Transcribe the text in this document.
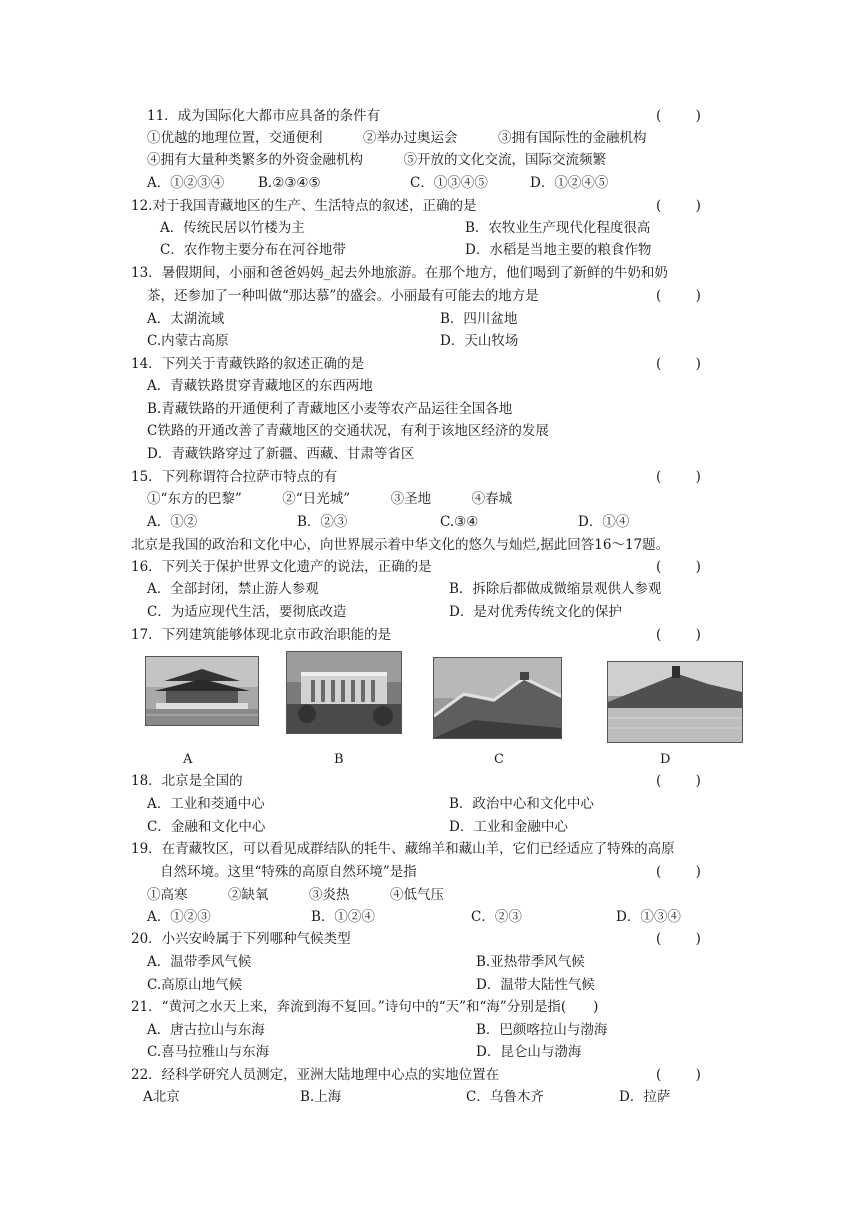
11．成为国际化大都市应具备的条件有	(        )
①优越的地理位置，交通便利　　　②举办过奥运会　　　③拥有国际性的金融机构
④拥有大量种类繁多的外资金融机构　　　⑤开放的文化交流，国际交流频繁
A．①②③④	B.②③④⑤	C．①③④⑤	D．①②④⑤
12.对于我国青藏地区的生产、生活特点的叙述，正确的是	(        )
A．传统民居以竹楼为主	B．农牧业生产现代化程度很高
C．农作物主要分布在河谷地带	D．水稻是当地主要的粮食作物
13．暑假期间，小丽和爸爸妈妈_起去外地旅游。在那个地方，他们喝到了新鲜的牛奶和奶
茶，还参加了一种叫做“那达慕”的盛会。小丽最有可能去的地方是	(        )
A．太湖流域	B．四川盆地
C.内蒙古高原	D．天山牧场
14．下列关于青藏铁路的叙述正确的是	(        )
A．青藏铁路贯穿青藏地区的东西两地
B.青藏铁路的开通便利了青藏地区小麦等农产品运往全国各地
C铁路的开通改善了青藏地区的交通状况，有利于该地区经济的发展
D．青藏铁路穿过了新疆、西藏、甘肃等省区
15．下列称谓符合拉萨市特点的有	(        )
①“东方的巴黎”　　　②“日光城”　　　③圣地　　　④春城
A．①②	B．②③	C.③④	D．①④
北京是我国的政治和文化中心，向世界展示着中华文化的悠久与灿烂,据此回答16～17题。
16．下列关于保护世界文化遗产的说法，正确的是	(        )
A．全部封闭，禁止游人参观	B．拆除后都做成微缩景观供人参观
C．为适应现代生活，要彻底改造	D．是对优秀传统文化的保护
17．下列建筑能够体现北京市政治职能的是	(        )
A	B	C	D
18．北京是全国的	(        )
A．工业和茭通中心	B．政治中心和文化中心
C．金融和文化中心	D．工业和金融中心
19．在青藏牧区，可以看见成群结队的牦牛、藏绵羊和藏山羊，它们已经适应了特殊的高原
自然环境。这里“特殊的高原自然环境”是指	(        )
①高寒　　　②缺氧　　　③炎热　　　④低气压
A．①②③	B．①②④	C．②③	D．①③④
20．小兴安岭属于下列哪种气候类型	(        )
A．温带季风气候	B.亚热带季风气候
C.高原山地气候	D．温带大陆性气候
21．“黄河之水天上来，奔流到海不复回。”诗句中的“天”和“海”分别是指(　　)
A．唐古拉山与东海	B．巴颜喀拉山与渤海
C.喜马拉雅山与东海	D．昆仑山与渤海
22．经科学研究人员测定，亚洲大陆地理中心点的实地位置在	(        )
A北京	B.上海	C．乌鲁木齐	D．拉萨
